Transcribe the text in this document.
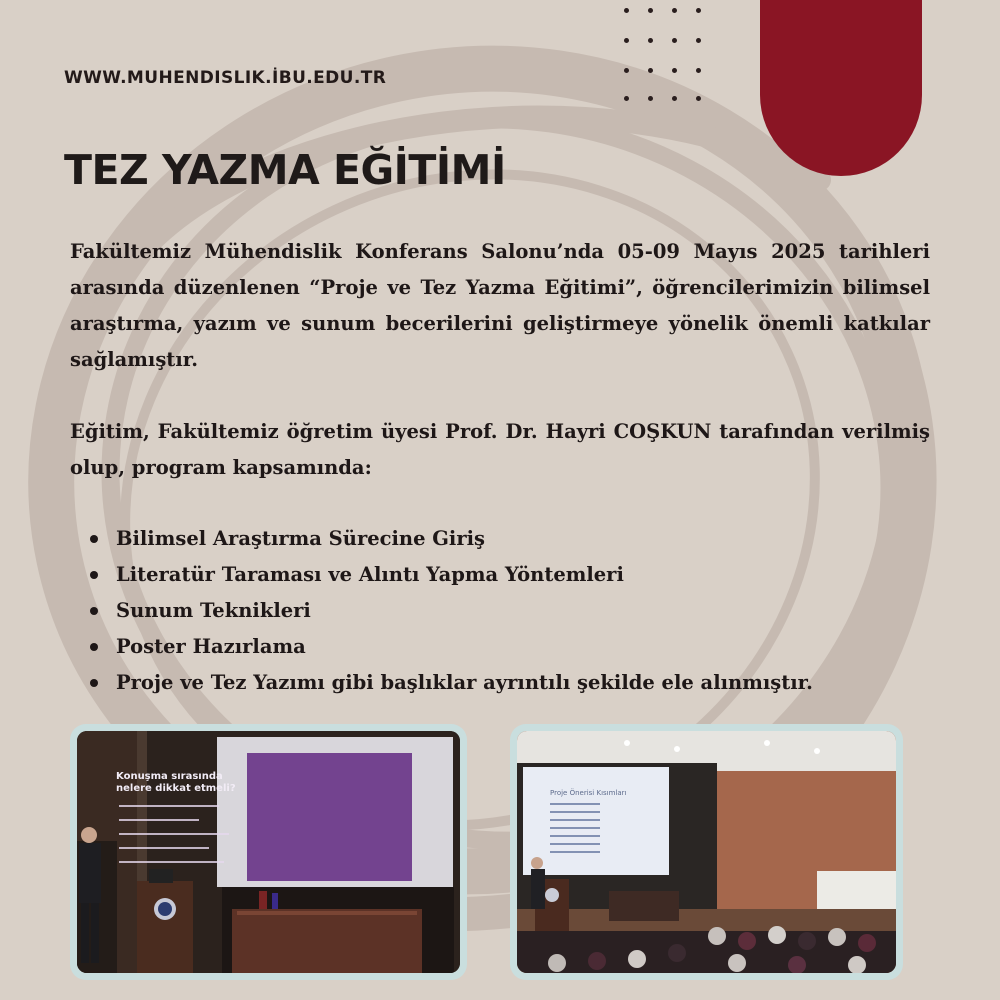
WWW.MUHENDISLIK.İBU.EDU.TR
TEZ YAZMA EĞİTİMİ
Fakültemiz Mühendislik Konferans Salonu’nda 05-09 Mayıs 2025 tarihleri arasında düzenlenen “Proje ve Tez Yazma Eğitimi”, öğrencilerimizin bilimsel araştırma, yazım ve sunum becerilerini geliştirmeye yönelik önemli katkılar sağlamıştır.
Eğitim, Fakültemiz öğretim üyesi Prof. Dr. Hayri COŞKUN tarafından verilmiş olup, program kapsamında:
Bilimsel Araştırma Sürecine Giriş
Literatür Taraması ve Alıntı Yapma Yöntemleri
Sunum Teknikleri
Poster Hazırlama
Proje ve Tez Yazımı gibi başlıklar ayrıntılı şekilde ele alınmıştır.
Konuşma sırasında nelere dikkat etmeli?	Proje Önerisi Kısımları
